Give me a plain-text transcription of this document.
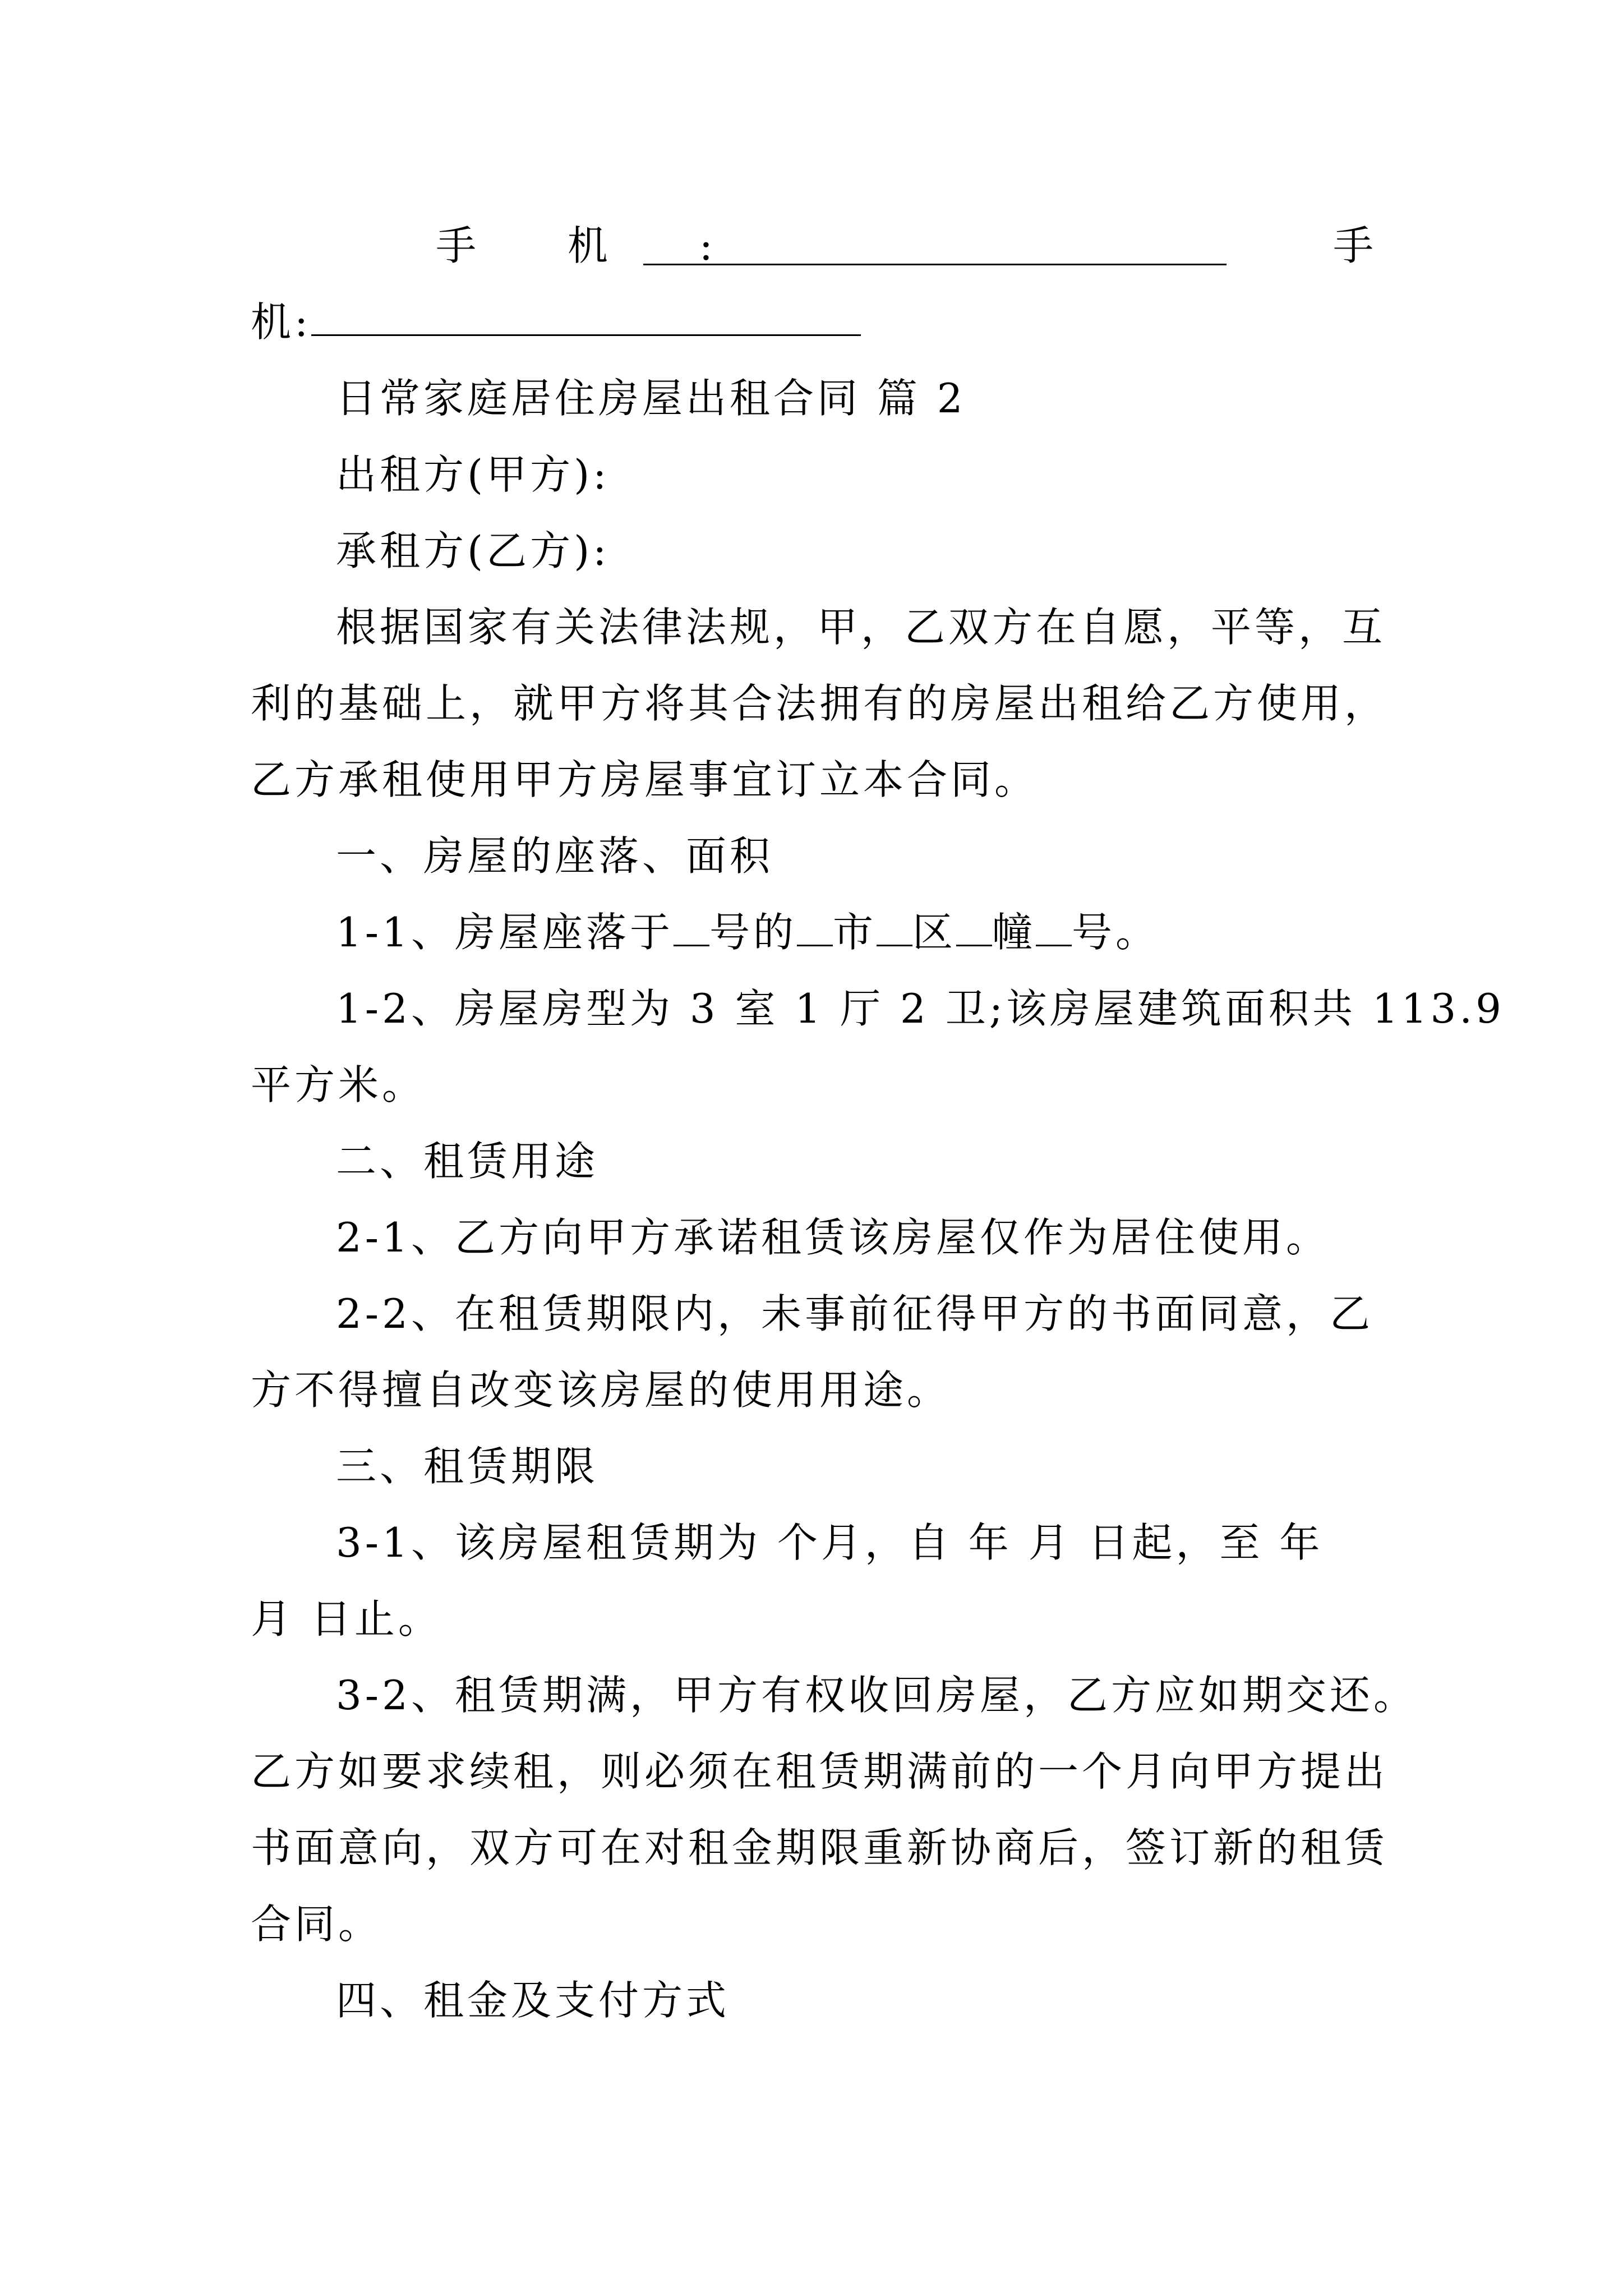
手 机 :	手
机:
日常家庭居住房屋出租合同 篇 2
出租方(甲方):
承租方(乙方):
根据国家有关法律法规，甲，乙双方在自愿，平等，互
利的基础上，就甲方将其合法拥有的房屋出租给乙方使用，
乙方承租使用甲方房屋事宜订立本合同。
一、房屋的座落、面积
1-1、房屋座落于 号的 市 区 幢 号。
1-2、房屋房型为 3 室 1 厅 2 卫;该房屋建筑面积共 113.9
平方米。
二、租赁用途
2-1、乙方向甲方承诺租赁该房屋仅作为居住使用。
2-2、在租赁期限内，未事前征得甲方的书面同意，乙
方不得擅自改变该房屋的使用用途。
三、租赁期限
3-1、该房屋租赁期为 个月，自 年 月 日起，至 年
月 日止。
3-2、租赁期满，甲方有权收回房屋，乙方应如期交还。
乙方如要求续租，则必须在租赁期满前的一个月向甲方提出
书面意向，双方可在对租金期限重新协商后，签订新的租赁
合同。
四、租金及支付方式
